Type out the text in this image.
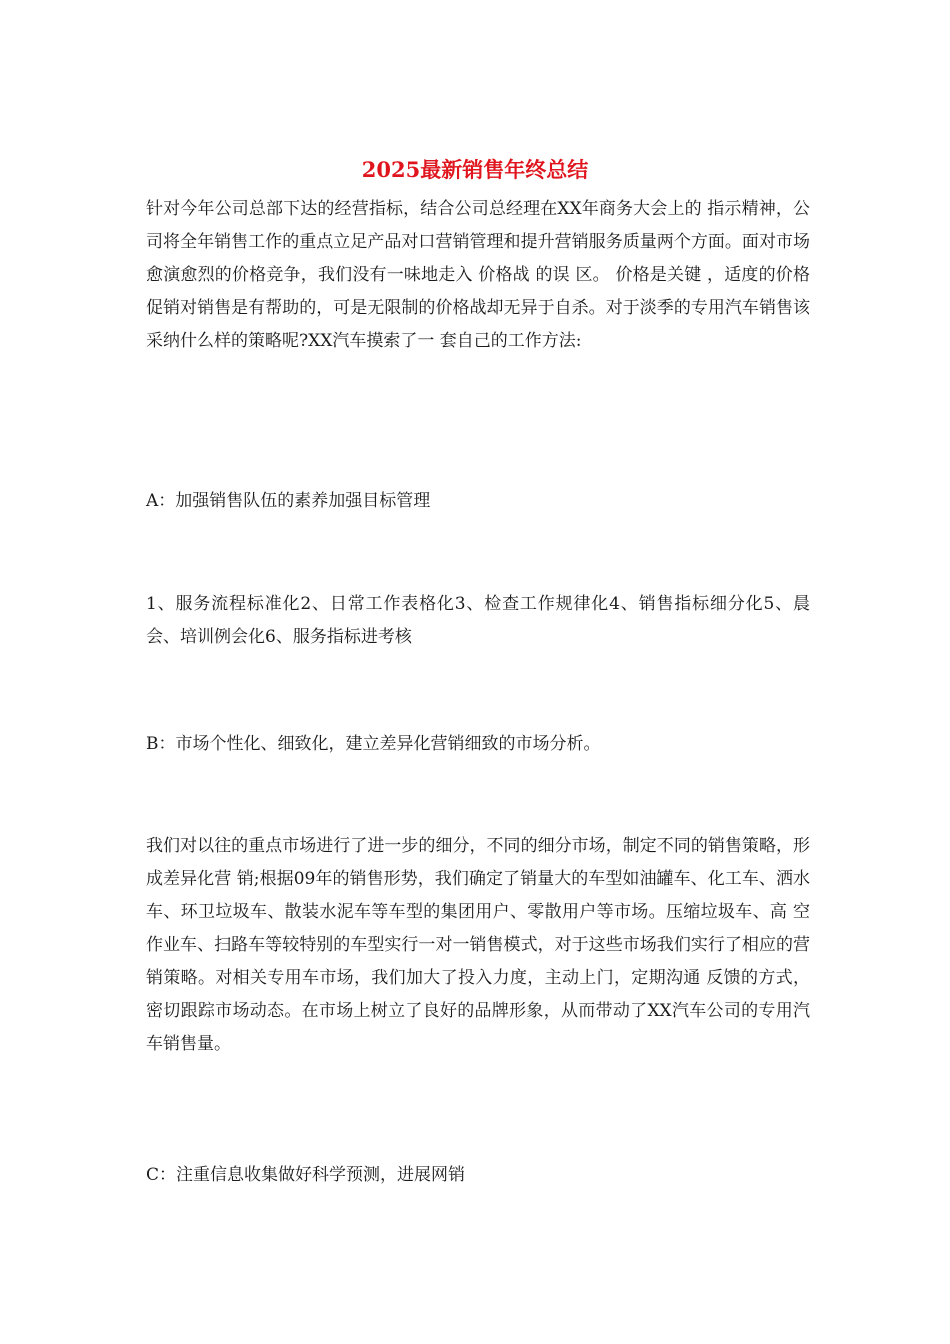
2025最新销售年终总结

针对今年公司总部下达的经营指标，结合公司总经理在XX年商务大会上的 指示精神，公司将全年销售工作的重点立足产品对口营销管理和提升营销服务质量两个方面。面对市场愈演愈烈的价格竞争，我们没有一味地走入 价格战 的误 区。 价格是关键 ，适度的价格促销对销售是有帮助的，可是无限制的价格战却无异于自杀。对于淡季的专用汽车销售该采纳什么样的策略呢?XX汽车摸索了一 套自己的工作方法:

A：加强销售队伍的素养加强目标管理

1、服务流程标准化2、日常工作表格化3、检查工作规律化4、销售指标细分化5、晨会、培训例会化6、服务指标进考核

B：市场个性化、细致化，建立差异化营销细致的市场分析。

我们对以往的重点市场进行了进一步的细分，不同的细分市场，制定不同的销售策略，形成差异化营 销;根据09年的销售形势，我们确定了销量大的车型如油罐车、化工车、洒水车、环卫垃圾车、散装水泥车等车型的集团用户、零散用户等市场。压缩垃圾车、高 空作业车、扫路车等较特别的车型实行一对一销售模式，对于这些市场我们实行了相应的营销策略。对相关专用车市场，我们加大了投入力度，主动上门，定期沟通 反馈的方式，密切跟踪市场动态。在市场上树立了良好的品牌形象，从而带动了XX汽车公司的专用汽车销售量。

C：注重信息收集做好科学预测，进展网销
